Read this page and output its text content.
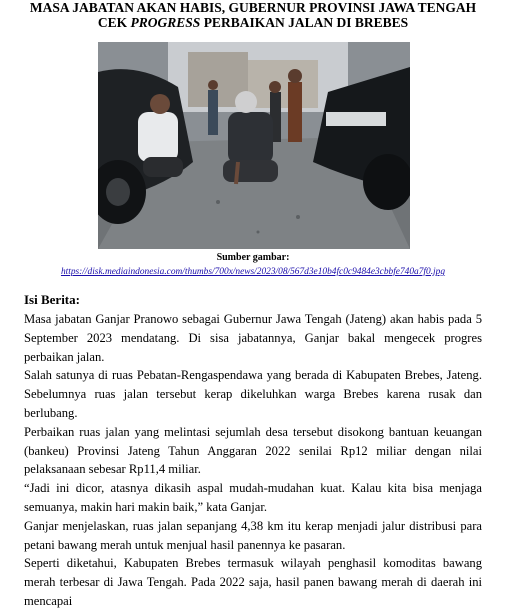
MASA JABATAN AKAN HABIS, GUBERNUR PROVINSI JAWA TENGAH
CEK PROGRESS PERBAIKAN JALAN DI BREBES
Sumber gambar:
https://disk.mediaindonesia.com/thumbs/700x/news/2023/08/567d3e10b4fc0c9484e3cbbfe740a7f0.jpg
Isi Berita:

Masa jabatan Ganjar Pranowo sebagai Gubernur Jawa Tengah (Jateng) akan habis pada 5 September 2023 mendatang. Di sisa jabatannya, Ganjar bakal mengecek progres perbaikan jalan.

Salah satunya di ruas Pebatan-Rengaspendawa yang berada di Kabupaten Brebes, Jateng. Sebelumnya ruas jalan tersebut kerap dikeluhkan warga Brebes karena rusak dan berlubang.

Perbaikan ruas jalan yang melintasi sejumlah desa tersebut disokong bantuan keuangan (bankeu) Provinsi Jateng Tahun Anggaran 2022 senilai Rp12 miliar dengan nilai pelaksanaan sebesar Rp11,4 miliar.

“Jadi ini dicor, atasnya dikasih aspal mudah-mudahan kuat. Kalau kita bisa menjaga semuanya, makin hari makin baik,” kata Ganjar.

Ganjar menjelaskan, ruas jalan sepanjang 4,38 km itu kerap menjadi jalur distribusi para petani bawang merah untuk menjual hasil panennya ke pasaran.

Seperti diketahui, Kabupaten Brebes termasuk wilayah penghasil komoditas bawang merah terbesar di Jawa Tengah. Pada 2022 saja, hasil panen bawang merah di daerah ini mencapai
